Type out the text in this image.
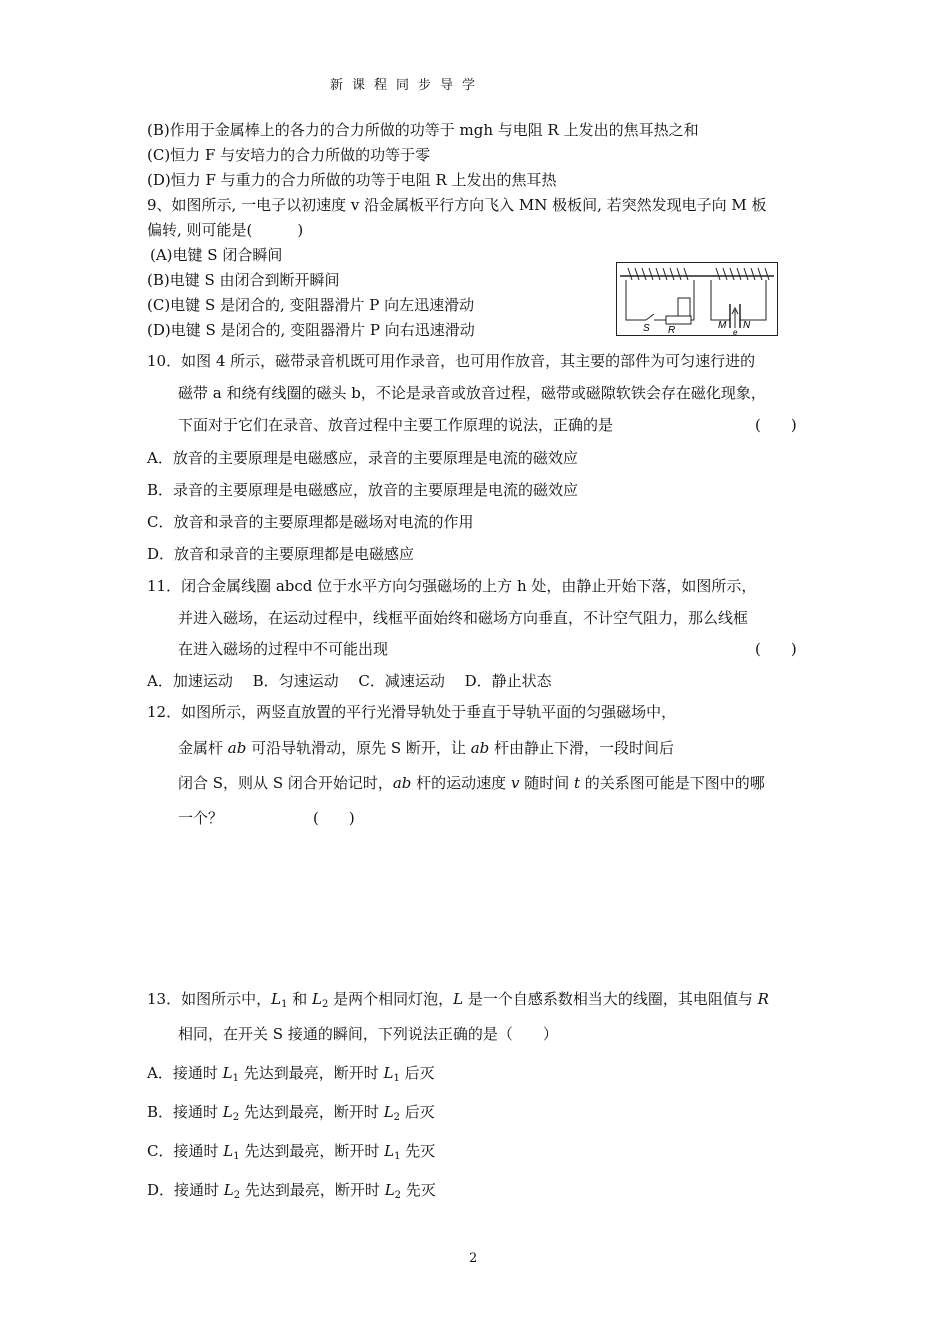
新课程同步导学
(B)作用于金属棒上的各力的合力所做的功等于 mgh 与电阻 R 上发出的焦耳热之和
(C)恒力 F 与安培力的合力所做的功等于零
(D)恒力 F 与重力的合力所做的功等于电阻 R 上发出的焦耳热
9、如图所示, 一电子以初速度 v 沿金属板平行方向飞入 MN 极板间, 若突然发现电子向 M 板
偏转, 则可能是(　　　)
(A)电键 S 闭合瞬间
(B)电键 S 由闭合到断开瞬间
(C)电键 S 是闭合的, 变阻器滑片 P 向左迅速滑动
(D)电键 S 是闭合的, 变阻器滑片 P 向右迅速滑动	S R	M N
e
10．如图 4 所示，磁带录音机既可用作录音，也可用作放音，其主要的部件为可匀速行进的
磁带 a 和绕有线圈的磁头 b，不论是录音或放音过程，磁带或磁隙软铁会存在磁化现象，
下面对于它们在录音、放音过程中主要工作原理的说法，正确的是	(　　)
A．放音的主要原理是电磁感应，录音的主要原理是电流的磁效应
B．录音的主要原理是电磁感应，放音的主要原理是电流的磁效应
C．放音和录音的主要原理都是磁场对电流的作用
D．放音和录音的主要原理都是电磁感应
11．闭合金属线圈 abcd 位于水平方向匀强磁场的上方 h 处，由静止开始下落，如图所示，
并进入磁场，在运动过程中，线框平面始终和磁场方向垂直，不计空气阻力，那么线框
在进入磁场的过程中不可能出现	(　　)
A．加速运动　 B．匀速运动　 C．减速运动　 D．静止状态
12．如图所示，两竖直放置的平行光滑导轨处于垂直于导轨平面的匀强磁场中，
金属杆 ab 可沿导轨滑动，原先 S 断开，让 ab 杆由静止下滑，一段时间后
闭合 S，则从 S 闭合开始记时，ab 杆的运动速度 v 随时间 t 的关系图可能是下图中的哪
一个？　　　　　　(　　)
13．如图所示中，$L_1$ 和 $L_2$ 是两个相同灯泡，L 是一个自感系数相当大的线圈，其电阻值与 R
相同，在开关 S 接通的瞬间，下列说法正确的是（　　）
A．接通时 $L_1$ 先达到最亮，断开时 $L_1$ 后灭
B．接通时 $L_2$ 先达到最亮，断开时 $L_2$ 后灭
C．接通时 $L_1$ 先达到最亮，断开时 $L_1$ 先灭
D．接通时 $L_2$ 先达到最亮，断开时 $L_2$ 先灭
2
